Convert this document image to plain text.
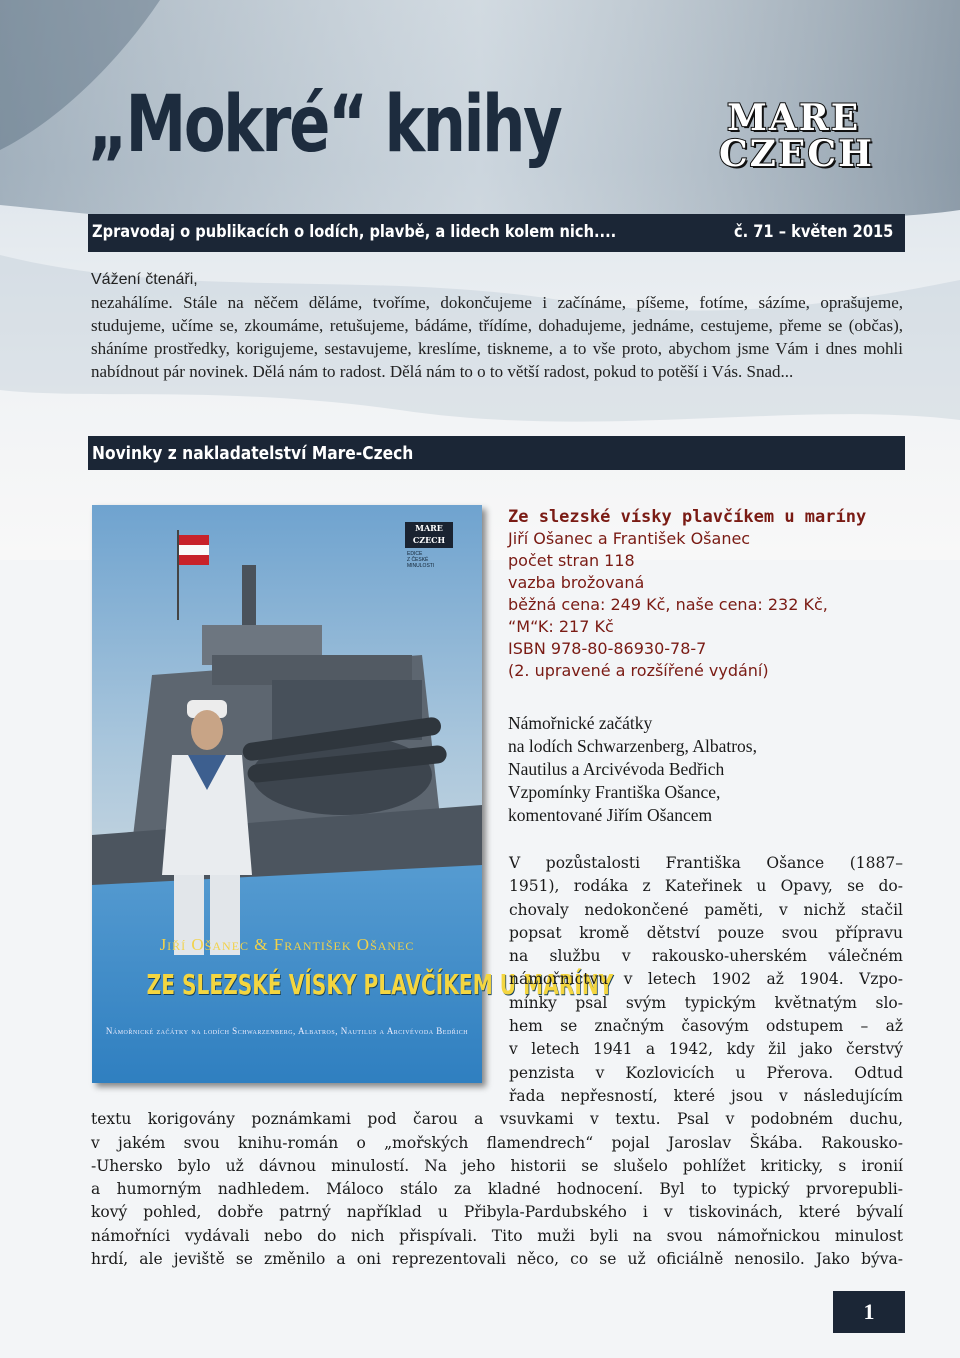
„Mokré“ knihy	MARE
CZECH
Zpravodaj o publikacích o lodích, plavbě, a lidech kolem nich....	č. 71 – květen 2015
Vážení čtenáři,

nezahálíme. Stále na něčem děláme, tvoříme, dokončujeme i začínáme, píšeme, fotíme, sázíme, oprašujeme, studujeme, učíme se, zkoumáme, retušujeme, bádáme, třídíme, dohadujeme, jednáme, cestujeme, přeme se (občas), sháníme prostředky, korigujeme, sestavujeme, kreslíme, tiskneme, a to vše proto, abychom jsme Vám i dnes mohli nabídnout pár novinek. Dělá nám to radost. Dělá nám to o to větší radost, pokud to potěší i Vás. Snad...

Novinky z nakladatelství Mare-Czech
MARE
CZECH
EDICE
Z ČESKÉ
MINULOSTI
Jiří Ošanec & František Ošanec
ZE SLEZSKÉ VÍSKY PLAVČÍKEM U MARÍNY
Námořnické začátky na lodích Schwarzenberg, Albatros, Nautilus a Arcivévoda Bedřich
Ze slezské vísky plavčíkem u maríny
Jiří Ošanec a František Ošanec
počet stran 118
vazba brožovaná
běžná cena: 249 Kč, naše cena: 232 Kč,
“M“K: 217 Kč
ISBN 978-80-86930-78-7
(2. upravené a rozšířené vydání)
Námořnické začátky
na lodích Schwarzenberg, Albatros,
Nautilus a Arcivévoda Bedřich
Vzpomínky Františka Ošance,
komentované Jiřím Ošancem
V pozůstalosti Františka Ošance (1887–
1951), rodáka z Kateřinek u Opavy, se do-
chovaly nedokončené paměti, v nichž stačil
popsat kromě dětství pouze svou přípravu
na službu v rakousko-uherském válečném
námořnictvu v letech 1902 až 1904. Vzpo-
mínky psal svým typickým květnatým slo-
hem se značným časovým odstupem – až
v letech 1941 a 1942, kdy žil jako čerstvý
penzista v Kozlovicích u Přerova. Odtud
řada nepřesností, které jsou v následujícím
textu korigovány poznámkami pod čarou a vsuvkami v textu. Psal v podobném duchu,
v jakém svou knihu-román o „mořských flamendrech“ pojal Jaroslav Škába. Rakousko-
-Uhersko bylo už dávnou minulostí. Na jeho historii se slušelo pohlížet kriticky, s ironií
a humorným nadhledem. Máloco stálo za kladné hodnocení. Byl to typický prvorepubli-
kový pohled, dobře patrný například u Přibyla-Pardubského i v tiskovinách, které bývalí
námořníci vydávali nebo do nich přispívali. Tito muži byli na svou námořnickou minulost
hrdí, ale jeviště se změnilo a oni reprezentovali něco, co se už oficiálně nenosilo. Jako býva-
1
